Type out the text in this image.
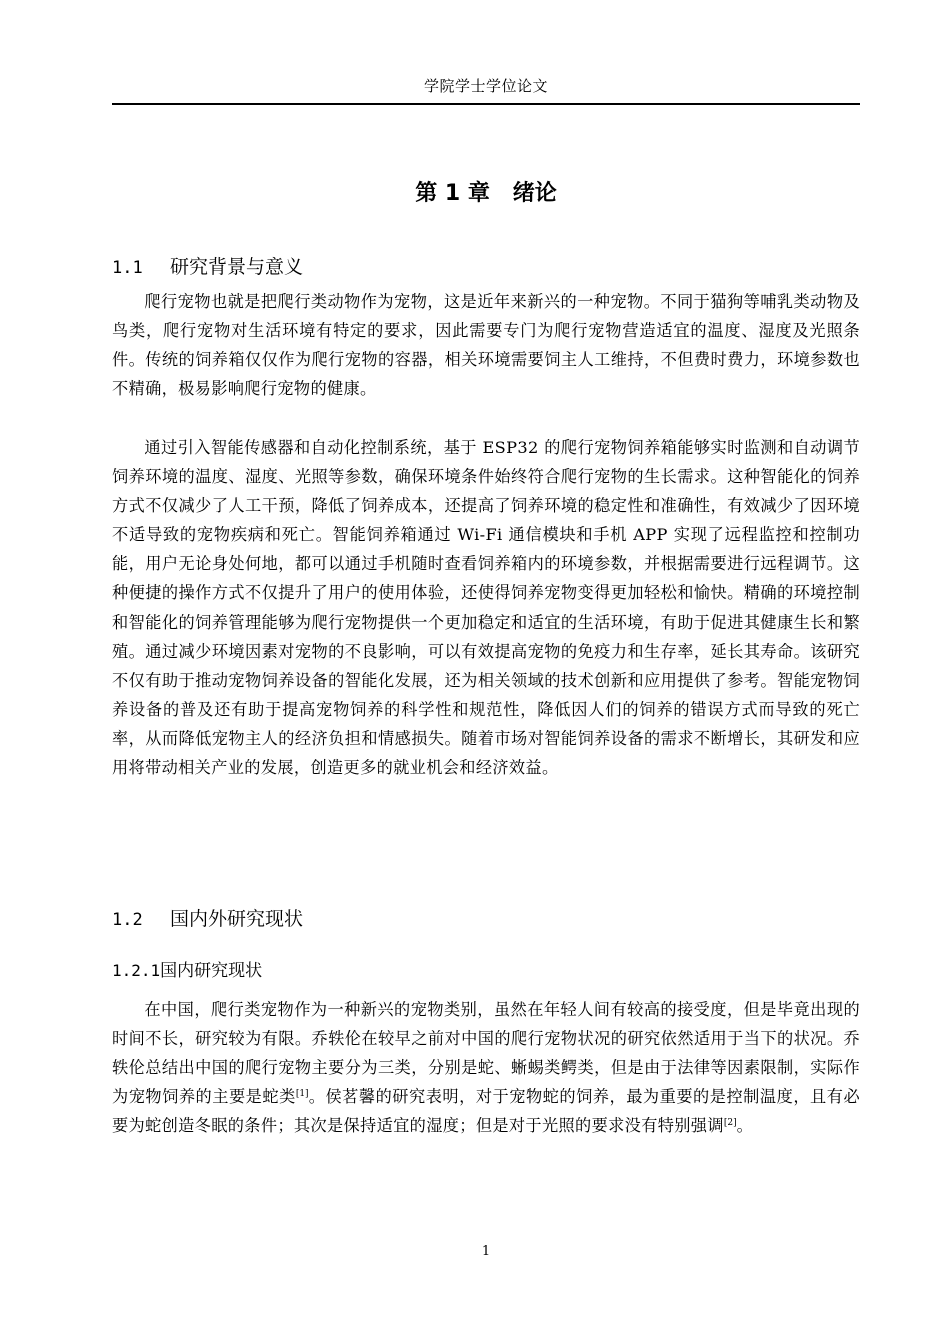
学院学士学位论文
第 1 章   绪论
1.1 研究背景与意义

爬行宠物也就是把爬行类动物作为宠物，这是近年来新兴的一种宠物。不同于猫狗等哺乳类动物及鸟类，爬行宠物对生活环境有特定的要求，因此需要专门为爬行宠物营造适宜的温度、湿度及光照条件。传统的饲养箱仅仅作为爬行宠物的容器，相关环境需要饲主人工维持，不但费时费力，环境参数也不精确，极易影响爬行宠物的健康。

通过引入智能传感器和自动化控制系统，基于 ESP32 的爬行宠物饲养箱能够实时监测和自动调节饲养环境的温度、湿度、光照等参数，确保环境条件始终符合爬行宠物的生长需求。这种智能化的饲养方式不仅减少了人工干预，降低了饲养成本，还提高了饲养环境的稳定性和准确性，有效减少了因环境不适导致的宠物疾病和死亡。智能饲养箱通过 Wi-Fi 通信模块和手机 APP 实现了远程监控和控制功能，用户无论身处何地，都可以通过手机随时查看饲养箱内的环境参数，并根据需要进行远程调节。这种便捷的操作方式不仅提升了用户的使用体验，还使得饲养宠物变得更加轻松和愉快。精确的环境控制和智能化的饲养管理能够为爬行宠物提供一个更加稳定和适宜的生活环境，有助于促进其健康生长和繁殖。通过减少环境因素对宠物的不良影响，可以有效提高宠物的免疫力和生存率，延长其寿命。该研究不仅有助于推动宠物饲养设备的智能化发展，还为相关领域的技术创新和应用提供了参考。智能宠物饲养设备的普及还有助于提高宠物饲养的科学性和规范性，降低因人们的饲养的错误方式而导致的死亡率，从而降低宠物主人的经济负担和情感损失。随着市场对智能饲养设备的需求不断增长，其研发和应用将带动相关产业的发展，创造更多的就业机会和经济效益。

1.2 国内外研究现状
1.2.1国内研究现状

在中国，爬行类宠物作为一种新兴的宠物类别，虽然在年轻人间有较高的接受度，但是毕竟出现的时间不长，研究较为有限。乔轶伦在较早之前对中国的爬行宠物状况的研究依然适用于当下的状况。乔轶伦总结出中国的爬行宠物主要分为三类，分别是蛇、蜥蜴类鳄类，但是由于法律等因素限制，实际作为宠物饲养的主要是蛇类[1]。侯茗馨的研究表明，对于宠物蛇的饲养，最为重要的是控制温度，且有必要为蛇创造冬眠的条件；其次是保持适宜的湿度；但是对于光照的要求没有特别强调[2]。

1
